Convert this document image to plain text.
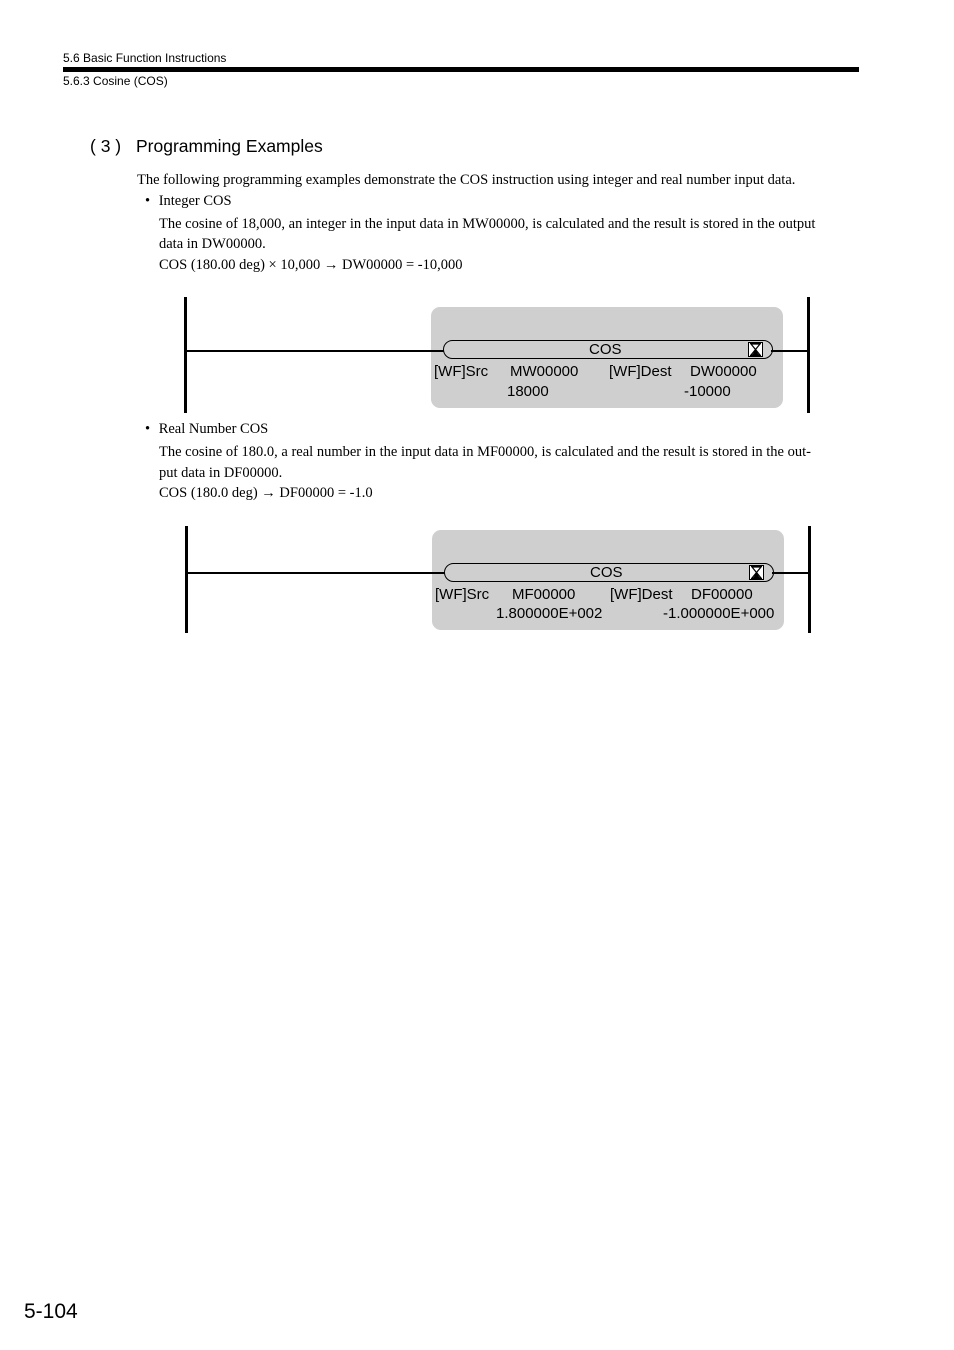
5.6 Basic Function Instructions
5.6.3 Cosine (COS)
( 3 ) Programming Examples
The following programming examples demonstrate the COS instruction using integer and real number input data.
• Integer COS
The cosine of 18,000, an integer in the input data in MW00000, is calculated and the result is stored in the output
data in DW00000.
COS (180.00 deg) × 10,000 → DW00000 = -10,000
COS
[WF]Src MW00000 [WF]Dest DW00000
18000	-10000
• Real Number COS
The cosine of 180.0, a real number in the input data in MF00000, is calculated and the result is stored in the out-
put data in DF00000.
COS (180.0 deg) → DF00000 = -1.0
COS
[WF]Src MF00000 [WF]Dest DF00000
1.800000E+002	-1.000000E+000
5-104
